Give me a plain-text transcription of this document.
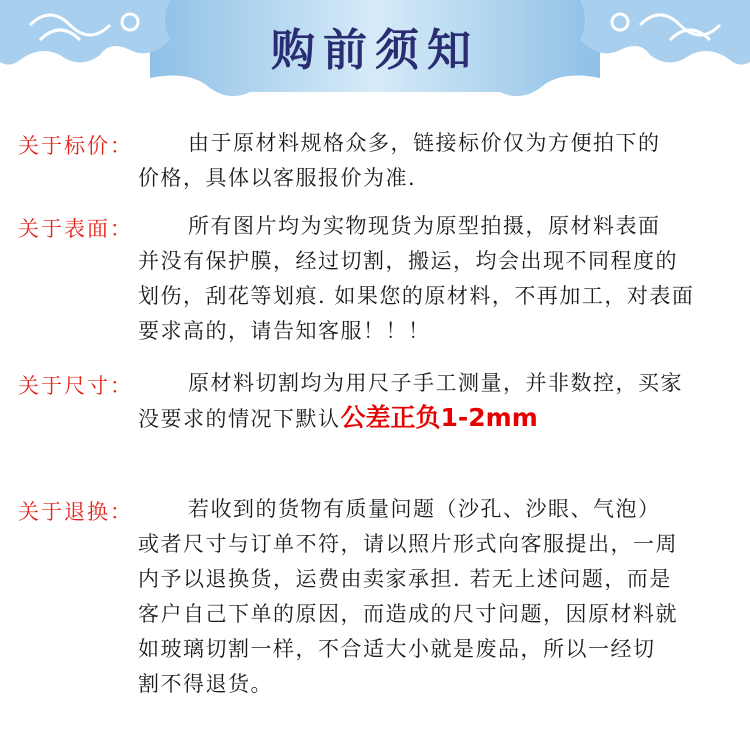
购前须知
关于标价：	由于原材料规格众多，链接标价仅为方便拍下的
价格，具体以客服报价为准.
关于表面：	所有图片均为实物现货为原型拍摄，原材料表面
并没有保护膜，经过切割，搬运，均会出现不同程度的
划伤，刮花等划痕. 如果您的原材料，不再加工，对表面
要求高的，请告知客服！！！
关于尺寸：	原材料切割均为用尺子手工测量，并非数控，买家
没要求的情况下默认公差正负1-2mm
关于退换：	若收到的货物有质量问题（沙孔、沙眼、气泡）
或者尺寸与订单不符，请以照片形式向客服提出，一周
内予以退换货，运费由卖家承担. 若无上述问题，而是
客户自己下单的原因，而造成的尺寸问题，因原材料就
如玻璃切割一样，不合适大小就是废品，所以一经切
割不得退货。
